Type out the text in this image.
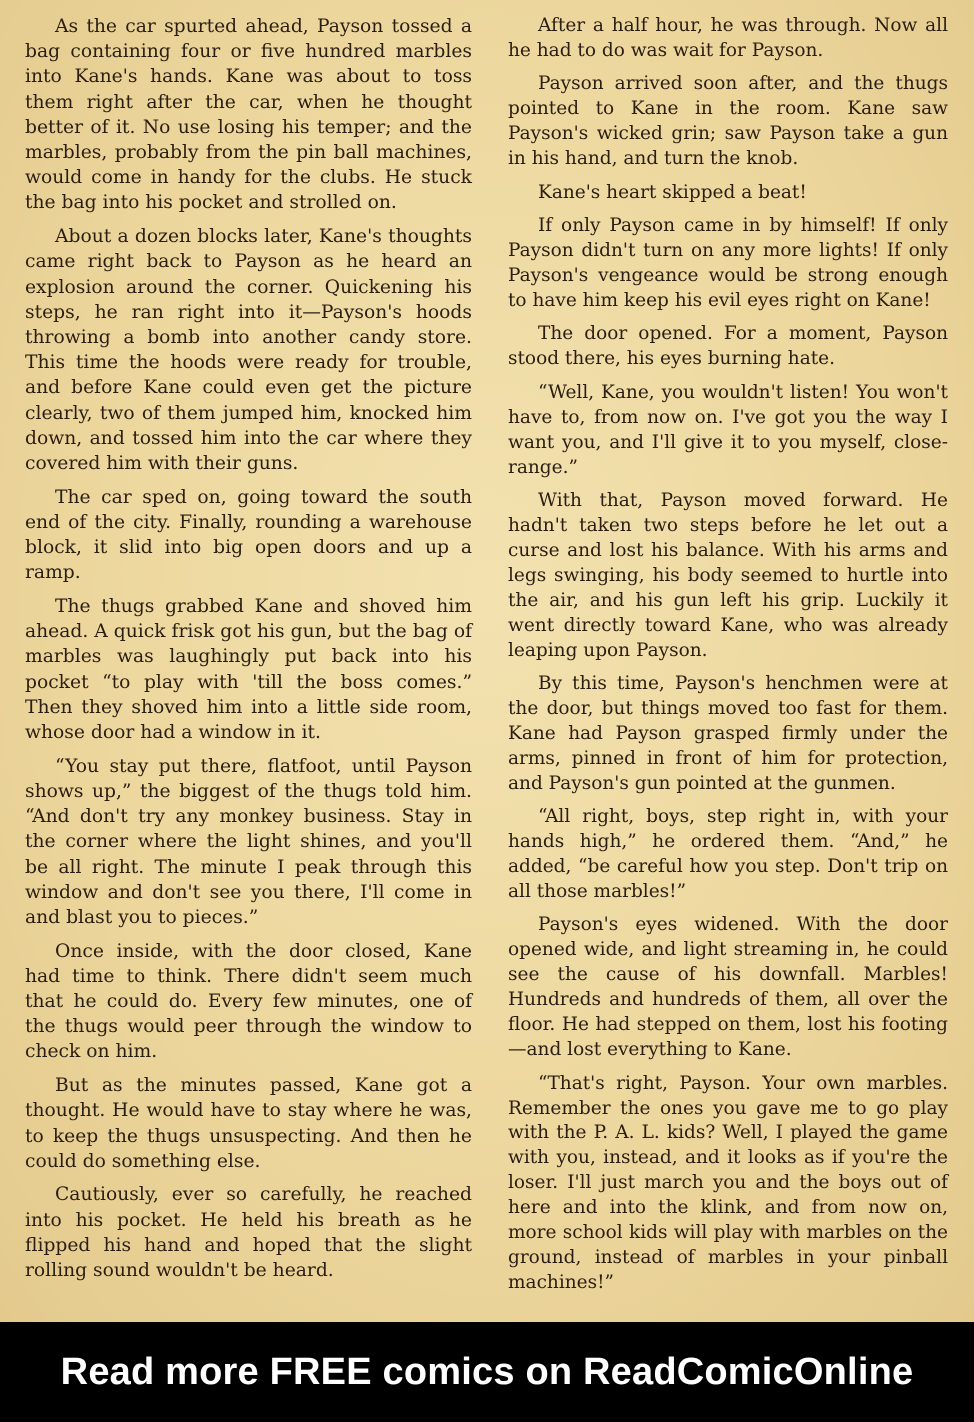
As the car spurted ahead, Payson tossed a bag containing four or five hundred marbles into Kane's hands. Kane was about to toss them right after the car, when he thought better of it. No use losing his temper; and the marbles, probably from the pin ball machines, would come in handy for the clubs. He stuck the bag into his pocket and strolled on.

About a dozen blocks later, Kane's thoughts came right back to Payson as he heard an explosion around the corner. Quickening his steps, he ran right into it—Payson's hoods throwing a bomb into another candy store. This time the hoods were ready for trouble, and before Kane could even get the picture clearly, two of them jumped him, knocked him down, and tossed him into the car where they covered him with their guns.

The car sped on, going toward the south end of the city. Finally, rounding a warehouse block, it slid into big open doors and up a ramp.

The thugs grabbed Kane and shoved him ahead. A quick frisk got his gun, but the bag of marbles was laughingly put back into his pocket “to play with 'till the boss comes.” Then they shoved him into a little side room, whose door had a window in it.

“You stay put there, flatfoot, until Payson shows up,” the biggest of the thugs told him. “And don't try any monkey business. Stay in the corner where the light shines, and you'll be all right. The minute I peak through this window and don't see you there, I'll come in and blast you to pieces.”

Once inside, with the door closed, Kane had time to think. There didn't seem much that he could do. Every few minutes, one of the thugs would peer through the window to check on him.

But as the minutes passed, Kane got a thought. He would have to stay where he was, to keep the thugs unsuspecting. And then he could do something else.

Cautiously, ever so carefully, he reached into his pocket. He held his breath as he flipped his hand and hoped that the slight rolling sound wouldn't be heard.

After a half hour, he was through. Now all he had to do was wait for Payson.

Payson arrived soon after, and the thugs pointed to Kane in the room. Kane saw Payson's wicked grin; saw Payson take a gun in his hand, and turn the knob.

Kane's heart skipped a beat!

If only Payson came in by himself! If only Payson didn't turn on any more lights! If only Payson's vengeance would be strong enough to have him keep his evil eyes right on Kane!

The door opened. For a moment, Payson stood there, his eyes burning hate.

“Well, Kane, you wouldn't listen! You won't have to, from now on. I've got you the way I want you, and I'll give it to you myself, close-range.”

With that, Payson moved forward. He hadn't taken two steps before he let out a curse and lost his balance. With his arms and legs swinging, his body seemed to hurtle into the air, and his gun left his grip. Luckily it went directly toward Kane, who was already leaping upon Payson.

By this time, Payson's henchmen were at the door, but things moved too fast for them. Kane had Payson grasped firmly under the arms, pinned in front of him for protection, and Payson's gun pointed at the gunmen.

“All right, boys, step right in, with your hands high,” he ordered them. “And,” he added, “be careful how you step. Don't trip on all those marbles!”

Payson's eyes widened. With the door opened wide, and light streaming in, he could see the cause of his downfall. Marbles! Hundreds and hundreds of them, all over the floor. He had stepped on them, lost his footing—and lost everything to Kane.

“That's right, Payson. Your own marbles. Remember the ones you gave me to go play with the P. A. L. kids? Well, I played the game with you, instead, and it looks as if you're the loser. I'll just march you and the boys out of here and into the klink, and from now on, more school kids will play with marbles on the ground, instead of marbles in your pinball machines!”

Read more FREE comics on ReadComicOnline
